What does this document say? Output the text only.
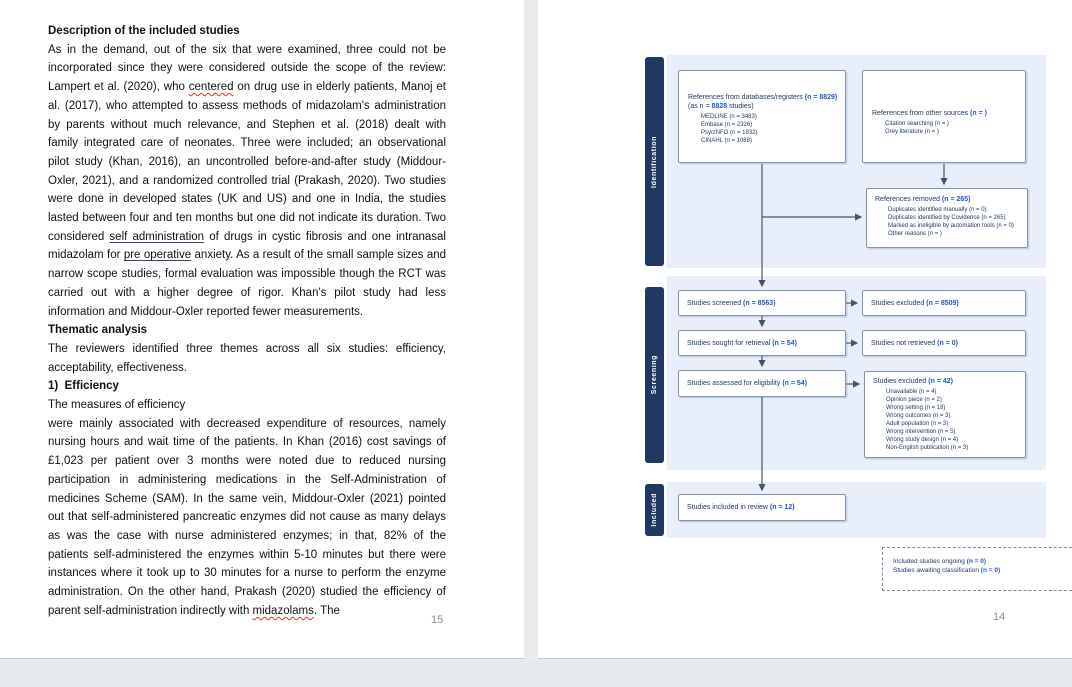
Description of the included studies
As in the demand, out of the six that were examined, three could not be incorporated since they were considered outside the scope of the review: Lampert et al. (2020), who centered on drug use in elderly patients, Manoj et al. (2017), who attempted to assess methods of midazolam's administration by parents without much relevance, and Stephen et al. (2018) dealt with family integrated care of neonates. Three were included; an observational pilot study (Khan, 2016), an uncontrolled before-and-after study (Middour-Oxler, 2021), and a randomized controlled trial (Prakash, 2020). Two studies were done in developed states (UK and US) and one in India, the studies lasted between four and ten months but one did not indicate its duration. Two considered self administration of drugs in cystic fibrosis and one intranasal midazolam for pre operative anxiety. As a result of the small sample sizes and narrow scope studies, formal evaluation was impossible though the RCT was carried out with a higher degree of rigor. Khan's pilot study had less information and Middour-Oxler reported fewer measurements.
Thematic analysis
The reviewers identified three themes across all six studies: efficiency, acceptability, effectiveness.
1)  Efficiency
The measures of efficiency
were mainly associated with decreased expenditure of resources, namely nursing hours and wait time of the patients. In Khan (2016) cost savings of £1,023 per patient over 3 months were noted due to reduced nursing participation in administering medications in the Self-Administration of medicines Scheme (SAM). In the same vein, Middour-Oxler (2021) pointed out that self-administered pancreatic enzymes did not cause as many delays as was the case with nurse administered enzymes; in that, 82% of the patients self-administered the enzymes within 5-10 minutes but there were instances where it took up to 30 minutes for a nurse to perform the enzyme administration. On the other hand, Prakash (2020) studied the efficiency of parent self-administration indirectly with midazolams. The
15
Identification
Screening
Included
References from databases/registers (n = 8829)
(as n = 8828 studies)
MEDLINE (n = 3483)
Embase (n = 2326)
PsycINFO (n = 1932)
CINAHL (n = 1088)
References from other sources (n = )
Citation searching (n = )
Grey literature (n = )
References removed (n = 265)
Duplicates identified manually (n = 0)
Duplicates identified by Covidence (n = 265)
Marked as ineligible by automation tools (n = 0)
Other reasons (n = )
Studies screened (n = 8563)	Studies excluded (n = 8509)
Studies sought for retrieval (n = 54)	Studies not retrieved (n = 0)
Studies assessed for eligibility (n = 54)	Studies excluded (n = 42)
Unavailable (n = 4)
Opinion piece (n = 2)
Wrong setting (n = 18)
Wrong outcomes (n = 3)
Adult population (n = 3)
Wrong intervention (n = 5)
Wrong study design (n = 4)
Non-English publication (n = 3)
Studies included in review (n = 12)
Included studies ongoing (n = 0)
Studies awaiting classification (n = 0)
14
